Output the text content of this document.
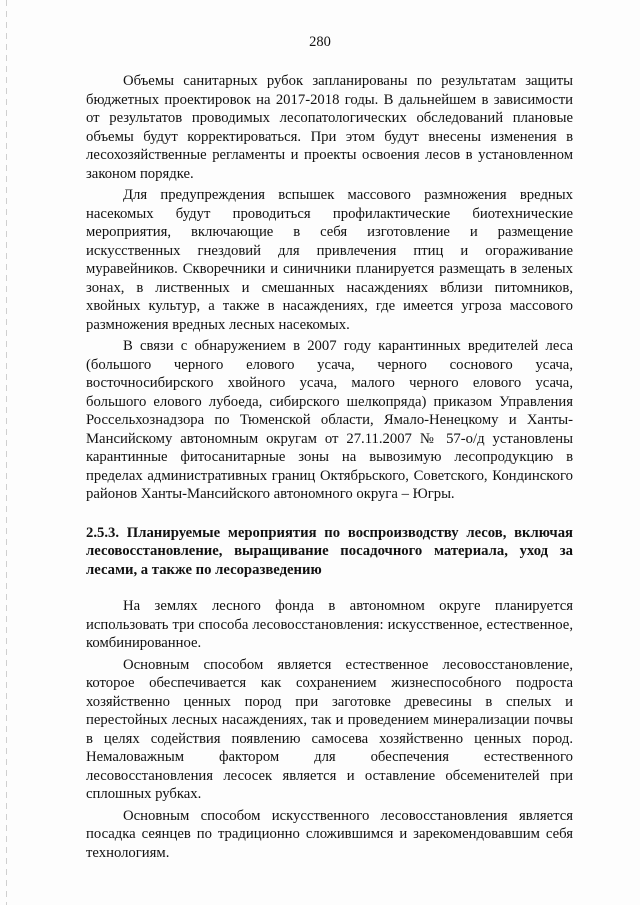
280

Объемы санитарных рубок запланированы по результатам защиты бюджетных проектировок на 2017-2018 годы. В дальнейшем в зависимости от результатов проводимых лесопатологических обследований плановые объемы будут корректироваться. При этом будут внесены изменения в лесохозяйственные регламенты и проекты освоения лесов в установленном законом порядке.

Для предупреждения вспышек массового размножения вредных насекомых будут проводиться профилактические биотехнические мероприятия, включающие в себя изготовление и размещение искусственных гнездовий для привлечения птиц и огораживание муравейников. Скворечники и синичники планируется размещать в зеленых зонах, в лиственных и смешанных насаждениях вблизи питомников, хвойных культур, а также в насаждениях, где имеется угроза массового размножения вредных лесных насекомых.

В связи с обнаружением в 2007 году карантинных вредителей леса (большого черного елового усача, черного соснового усача, восточносибирского хвойного усача, малого черного елового усача, большого елового лубоеда, сибирского шелкопряда) приказом Управления Россельхознадзора по Тюменской области, Ямало-Ненецкому и Ханты-Мансийскому автономным округам от 27.11.2007 № 57-о/д установлены карантинные фитосанитарные зоны на вывозимую лесопродукцию в пределах административных границ Октябрьского, Советского, Кондинского районов Ханты-Мансийского автономного округа – Югры.

2.5.3. Планируемые мероприятия по воспроизводству лесов, включая лесовосстановление, выращивание посадочного материала, уход за лесами, а также по лесоразведению

На землях лесного фонда в автономном округе планируется использовать три способа лесовосстановления: искусственное, естественное, комбинированное.

Основным способом является естественное лесовосстановление, которое обеспечивается как сохранением жизнеспособного подроста хозяйственно ценных пород при заготовке древесины в спелых и перестойных лесных насаждениях, так и проведением минерализации почвы в целях содействия появлению самосева хозяйственно ценных пород. Немаловажным фактором для обеспечения естественного лесовосстановления лесосек является и оставление обсеменителей при сплошных рубках.

Основным способом искусственного лесовосстановления является посадка сеянцев по традиционно сложившимся и зарекомендовавшим себя технологиям.
